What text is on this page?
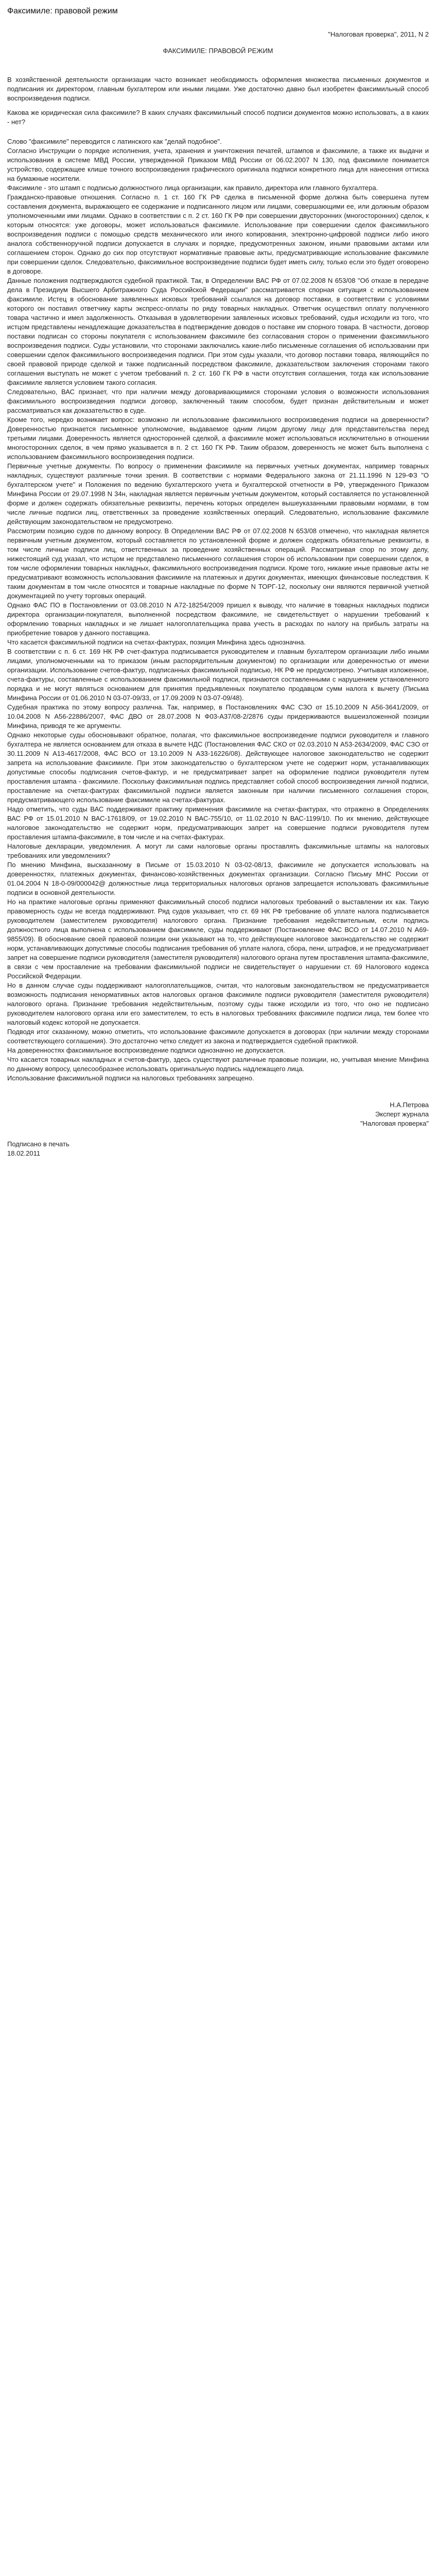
Факсимиле: правовой режим

"Налоговая проверка", 2011, N 2

ФАКСИМИЛЕ: ПРАВОВОЙ РЕЖИМ

В хозяйственной деятельности организации часто возникает необходимость оформления множества письменных документов и подписания их директором, главным бухгалтером или иными лицами. Уже достаточно давно был изобретен факсимильный способ воспроизведения подписи.

Какова же юридическая сила факсимиле? В каких случаях факсимильный способ подписи документов можно использовать, а в каких - нет?

Слово "факсимиле" переводится с латинского как "делай подобное".

Согласно Инструкции о порядке исполнения, учета, хранения и уничтожения печатей, штампов и факсимиле, а также их выдачи и использования в системе МВД России, утвержденной Приказом МВД России от 06.02.2007 N 130, под факсимиле понимается устройство, содержащее клише точного воспроизведения графического оригинала подписи конкретного лица для нанесения оттиска на бумажные носители.

Факсимиле - это штамп с подписью должностного лица организации, как правило, директора или главного бухгалтера.

Гражданско-правовые отношения. Согласно п. 1 ст. 160 ГК РФ сделка в письменной форме должна быть совершена путем составления документа, выражающего ее содержание и подписанного лицом или лицами, совершающими ее, или должным образом уполномоченными ими лицами. Однако в соответствии с п. 2 ст. 160 ГК РФ при совершении двусторонних (многосторонних) сделок, к которым относятся: уже договоры, может использоваться факсимиле. Использование при совершении сделок факсимильного воспроизведения подписи с помощью средств механического или иного копирования, электронно-цифровой подписи либо иного аналога собственноручной подписи допускается в случаях и порядке, предусмотренных законом, иными правовыми актами или соглашением сторон. Однако до сих пор отсутствуют нормативные правовые акты, предусматривающие использование факсимиле при совершении сделок. Следовательно, факсимильное воспроизведение подписи будет иметь силу, только если это будет оговорено в договоре.

Данные положения подтверждаются судебной практикой. Так, в Определении ВАС РФ от 07.02.2008 N 653/08 "Об отказе в передаче дела в Президиум Высшего Арбитражного Суда Российской Федерации" рассматривается спорная ситуация с использованием факсимиле. Истец в обоснование заявленных исковых требований ссылался на договор поставки, в соответствии с условиями которого он поставил ответчику карты экспресс-оплаты по ряду товарных накладных. Ответчик осуществил оплату полученного товара частично и имел задолженность. Отказывая в удовлетворении заявленных исковых требований, судья исходили из того, что истцом представлены ненадлежащие доказательства в подтверждение доводов о поставке им спорного товара. В частности, договор поставки подписан со стороны покупателя с использованием факсимиле без согласования сторон о применении факсимильного воспроизведения подписи. Суды установили, что сторонами заключались какие-либо письменные соглашения об использовании при совершении сделок факсимильного воспроизведения подписи. При этом суды указали, что договор поставки товара, являющийся по своей правовой природе сделкой и также подписанный посредством факсимиле, доказательством заключения сторонами такого соглашения выступать не может с учетом требований п. 2 ст. 160 ГК РФ в части отсутствия соглашения, тогда как использование факсимиле является условием такого согласия.

Следовательно, ВАС признает, что при наличии между договаривающимися сторонами условия о возможности использования факсимильного воспроизведения подписи договор, заключенный таким способом, будет признан действительным и может рассматриваться как доказательство в суде.

Кроме того, нередко возникает вопрос: возможно ли использование факсимильного воспроизведения подписи на доверенности? Доверенностью признается письменное уполномочие, выдаваемое одним лицом другому лицу для представительства перед третьими лицами. Доверенность является односторонней сделкой, а факсимиле может использоваться исключительно в отношении многосторонних сделок, в чем прямо указывается в п. 2 ст. 160 ГК РФ. Таким образом, доверенность не может быть выполнена с использованием факсимильного воспроизведения подписи.

Первичные учетные документы. По вопросу о применении факсимиле на первичных учетных документах, например товарных накладных, существуют различные точки зрения. В соответствии с нормами Федерального закона от 21.11.1996 N 129-ФЗ "О бухгалтерском учете" и Положения по ведению бухгалтерского учета и бухгалтерской отчетности в РФ, утвержденного Приказом Минфина России от 29.07.1998 N 34н, накладная является первичным учетным документом, который составляется по установленной форме и должен содержать обязательные реквизиты, перечень которых определен вышеуказанными правовыми нормами, в том числе личные подписи лиц, ответственных за проведение хозяйственных операций. Следовательно, использование факсимиле действующим законодательством не предусмотрено.

Рассмотрим позицию судов по данному вопросу. В Определении ВАС РФ от 07.02.2008 N 653/08 отмечено, что накладная является первичным учетным документом, который составляется по установленной форме и должен содержать обязательные реквизиты, в том числе личные подписи лиц, ответственных за проведение хозяйственных операций. Рассматривая спор по этому делу, нижестоящий суд указал, что истцом не представлено письменного соглашения сторон об использовании при совершении сделок, в том числе оформлении товарных накладных, факсимильного воспроизведения подписи. Кроме того, никакие иные правовые акты не предусматривают возможность использования факсимиле на платежных и других документах, имеющих финансовые последствия. К таким документам в том числе относятся и товарные накладные по форме N ТОРГ-12, поскольку они являются первичной учетной документацией по учету торговых операций.

Однако ФАС ПО в Постановлении от 03.08.2010 N А72-18254/2009 пришел к выводу, что наличие в товарных накладных подписи директора организации-покупателя, выполненной посредством факсимиле, не свидетельствует о нарушении требований к оформлению товарных накладных и не лишает налогоплательщика права учесть в расходах по налогу на прибыль затраты на приобретение товаров у данного поставщика.

Что касается факсимильной подписи на счетах-фактурах, позиция Минфина здесь однозначна.

В соответствии с п. 6 ст. 169 НК РФ счет-фактура подписывается руководителем и главным бухгалтером организации либо иными лицами, уполномоченными на то приказом (иным распорядительным документом) по организации или доверенностью от имени организации. Использование счетов-фактур, подписанных факсимильной подписью, НК РФ не предусмотрено. Учитывая изложенное, счета-фактуры, составленные с использованием факсимильной подписи, признаются составленными с нарушением установленного порядка и не могут являться основанием для принятия предъявленных покупателю продавцом сумм налога к вычету (Письма Минфина России от 01.06.2010 N 03-07-09/33, от 17.09.2009 N 03-07-09/48).

Судебная практика по этому вопросу различна. Так, например, в Постановлениях ФАС СЗО от 15.10.2009 N А56-3641/2009, от 10.04.2008 N А56-22886/2007, ФАС ДВО от 28.07.2008 N Ф03-А37/08-2/2876 суды придерживаются вышеизложенной позиции Минфина, приводя те же аргументы.

Однако некоторые суды обосновывают обратное, полагая, что факсимильное воспроизведение подписи руководителя и главного бухгалтера не является основанием для отказа в вычете НДС (Постановления ФАС СКО от 02.03.2010 N А53-2634/2009, ФАС СЗО от 30.11.2009 N А13-4617/2008, ФАС ВСО от 13.10.2009 N А33-16226/08). Действующее налоговое законодательство не содержит запрета на использование факсимиле. При этом законодательство о бухгалтерском учете не содержит норм, устанавливающих допустимые способы подписания счетов-фактур, и не предусматривает запрет на оформление подписи руководителя путем проставления штампа - факсимиле. Поскольку факсимильная подпись представляет собой способ воспроизведения личной подписи, проставление на счетах-фактурах факсимильной подписи является законным при наличии письменного соглашения сторон, предусматривающего использование факсимиле на счетах-фактурах.

Надо отметить, что суды ВАС поддерживают практику применения факсимиле на счетах-фактурах, что отражено в Определениях ВАС РФ от 15.01.2010 N ВАС-17618/09, от 19.02.2010 N ВАС-755/10, от 11.02.2010 N ВАС-1199/10. По их мнению, действующее налоговое законодательство не содержит норм, предусматривающих запрет на совершение подписи руководителя путем проставления штампа-факсимиле, в том числе и на счетах-фактурах.

Налоговые декларации, уведомления. А могут ли сами налоговые органы проставлять факсимильные штампы на налоговых требованиях или уведомлениях?

По мнению Минфина, высказанному в Письме от 15.03.2010 N 03-02-08/13, факсимиле не допускается использовать на доверенностях, платежных документах, финансово-хозяйственных документах организации. Согласно Письму МНС России от 01.04.2004 N 18-0-09/000042@ должностные лица территориальных налоговых органов запрещается использовать факсимильные подписи в основной деятельности.

Но на практике налоговые органы применяют факсимильный способ подписи налоговых требований о выставлении их как. Такую правомерность суды не всегда поддерживают. Ряд судов указывает, что ст. 69 НК РФ требование об уплате налога подписывается руководителем (заместителем руководителя) налогового органа. Признание требования недействительным, если подпись должностного лица выполнена с использованием факсимиле, суды поддерживают (Постановление ФАС ВСО от 14.07.2010 N А69-9855/09). В обоснование своей правовой позиции они указывают на то, что действующее налоговое законодательство не содержит норм, устанавливающих допустимые способы подписания требования об уплате налога, сбора, пени, штрафов, и не предусматривает запрет на совершение подписи руководителя (заместителя руководителя) налогового органа путем проставления штампа-факсимиле, в связи с чем проставление на требовании факсимильной подписи не свидетельствует о нарушении ст. 69 Налогового кодекса Российской Федерации.

Но в данном случае суды поддерживают налогоплательщиков, считая, что налоговым законодательством не предусматривается возможность подписания ненормативных актов налоговых органов факсимиле подписи руководителя (заместителя руководителя) налогового органа. Признание требования недействительным, поэтому суды также исходили из того, что оно не подписано руководителем налогового органа или его заместителем, то есть в налоговых требованиях факсимиле подписи лица, тем более что налоговый кодекс которой не допускается.

Подводя итог сказанному, можно отметить, что использование факсимиле допускается в договорах (при наличии между сторонами соответствующего соглашения). Это достаточно четко следует из закона и подтверждается судебной практикой.

На доверенностях факсимильное воспроизведение подписи однозначно не допускается.

Что касается товарных накладных и счетов-фактур, здесь существуют различные правовые позиции, но, учитывая мнение Минфина по данному вопросу, целесообразнее использовать оригинальную подпись надлежащего лица.

Использование факсимильной подписи на налоговых требованиях запрещено.

Н.А.Петрова

Эксперт журнала

"Налоговая проверка"

Подписано в печать

18.02.2011
